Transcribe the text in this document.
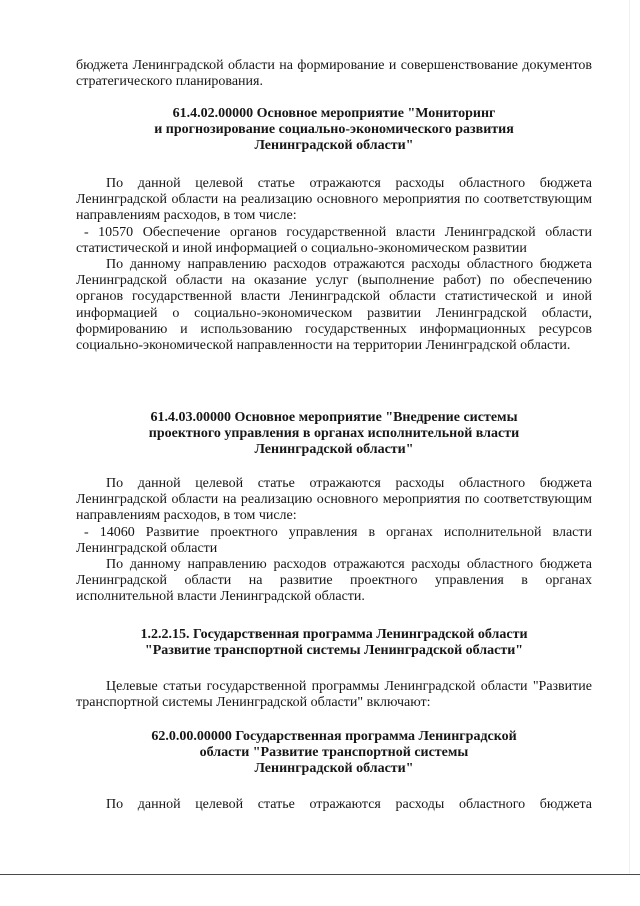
бюджета Ленинградской области на формирование и совершенствование документов стратегического планирования.

61.4.02.00000 Основное мероприятие "Мониторинг
и прогнозирование социально-экономического развития
Ленинградской области"

По данной целевой статье отражаются расходы областного бюджета Ленинградской области на реализацию основного мероприятия по соответствующим направлениям расходов, в том числе:

- 10570 Обеспечение органов государственной власти Ленинградской области статистической и иной информацией о социально-экономическом развитии

По данному направлению расходов отражаются расходы областного бюджета Ленинградской области на оказание услуг (выполнение работ) по обеспечению органов государственной власти Ленинградской области статистической и иной информацией о социально-экономическом развитии Ленинградской области, формированию и использованию государственных информационных ресурсов социально-экономической направленности на территории Ленинградской области.

61.4.03.00000 Основное мероприятие "Внедрение системы
проектного управления в органах исполнительной власти
Ленинградской области"

По данной целевой статье отражаются расходы областного бюджета Ленинградской области на реализацию основного мероприятия по соответствующим направлениям расходов, в том числе:

- 14060 Развитие проектного управления в органах исполнительной власти Ленинградской области

По данному направлению расходов отражаются расходы областного бюджета Ленинградской области на развитие проектного управления в органах исполнительной власти Ленинградской области.

1.2.2.15. Государственная программа Ленинградской области
"Развитие транспортной системы Ленинградской области"

Целевые статьи государственной программы Ленинградской области "Развитие транспортной системы Ленинградской области" включают:

62.0.00.00000 Государственная программа Ленинградской
области "Развитие транспортной системы
Ленинградской области"

По данной целевой статье отражаются расходы областного бюджета
